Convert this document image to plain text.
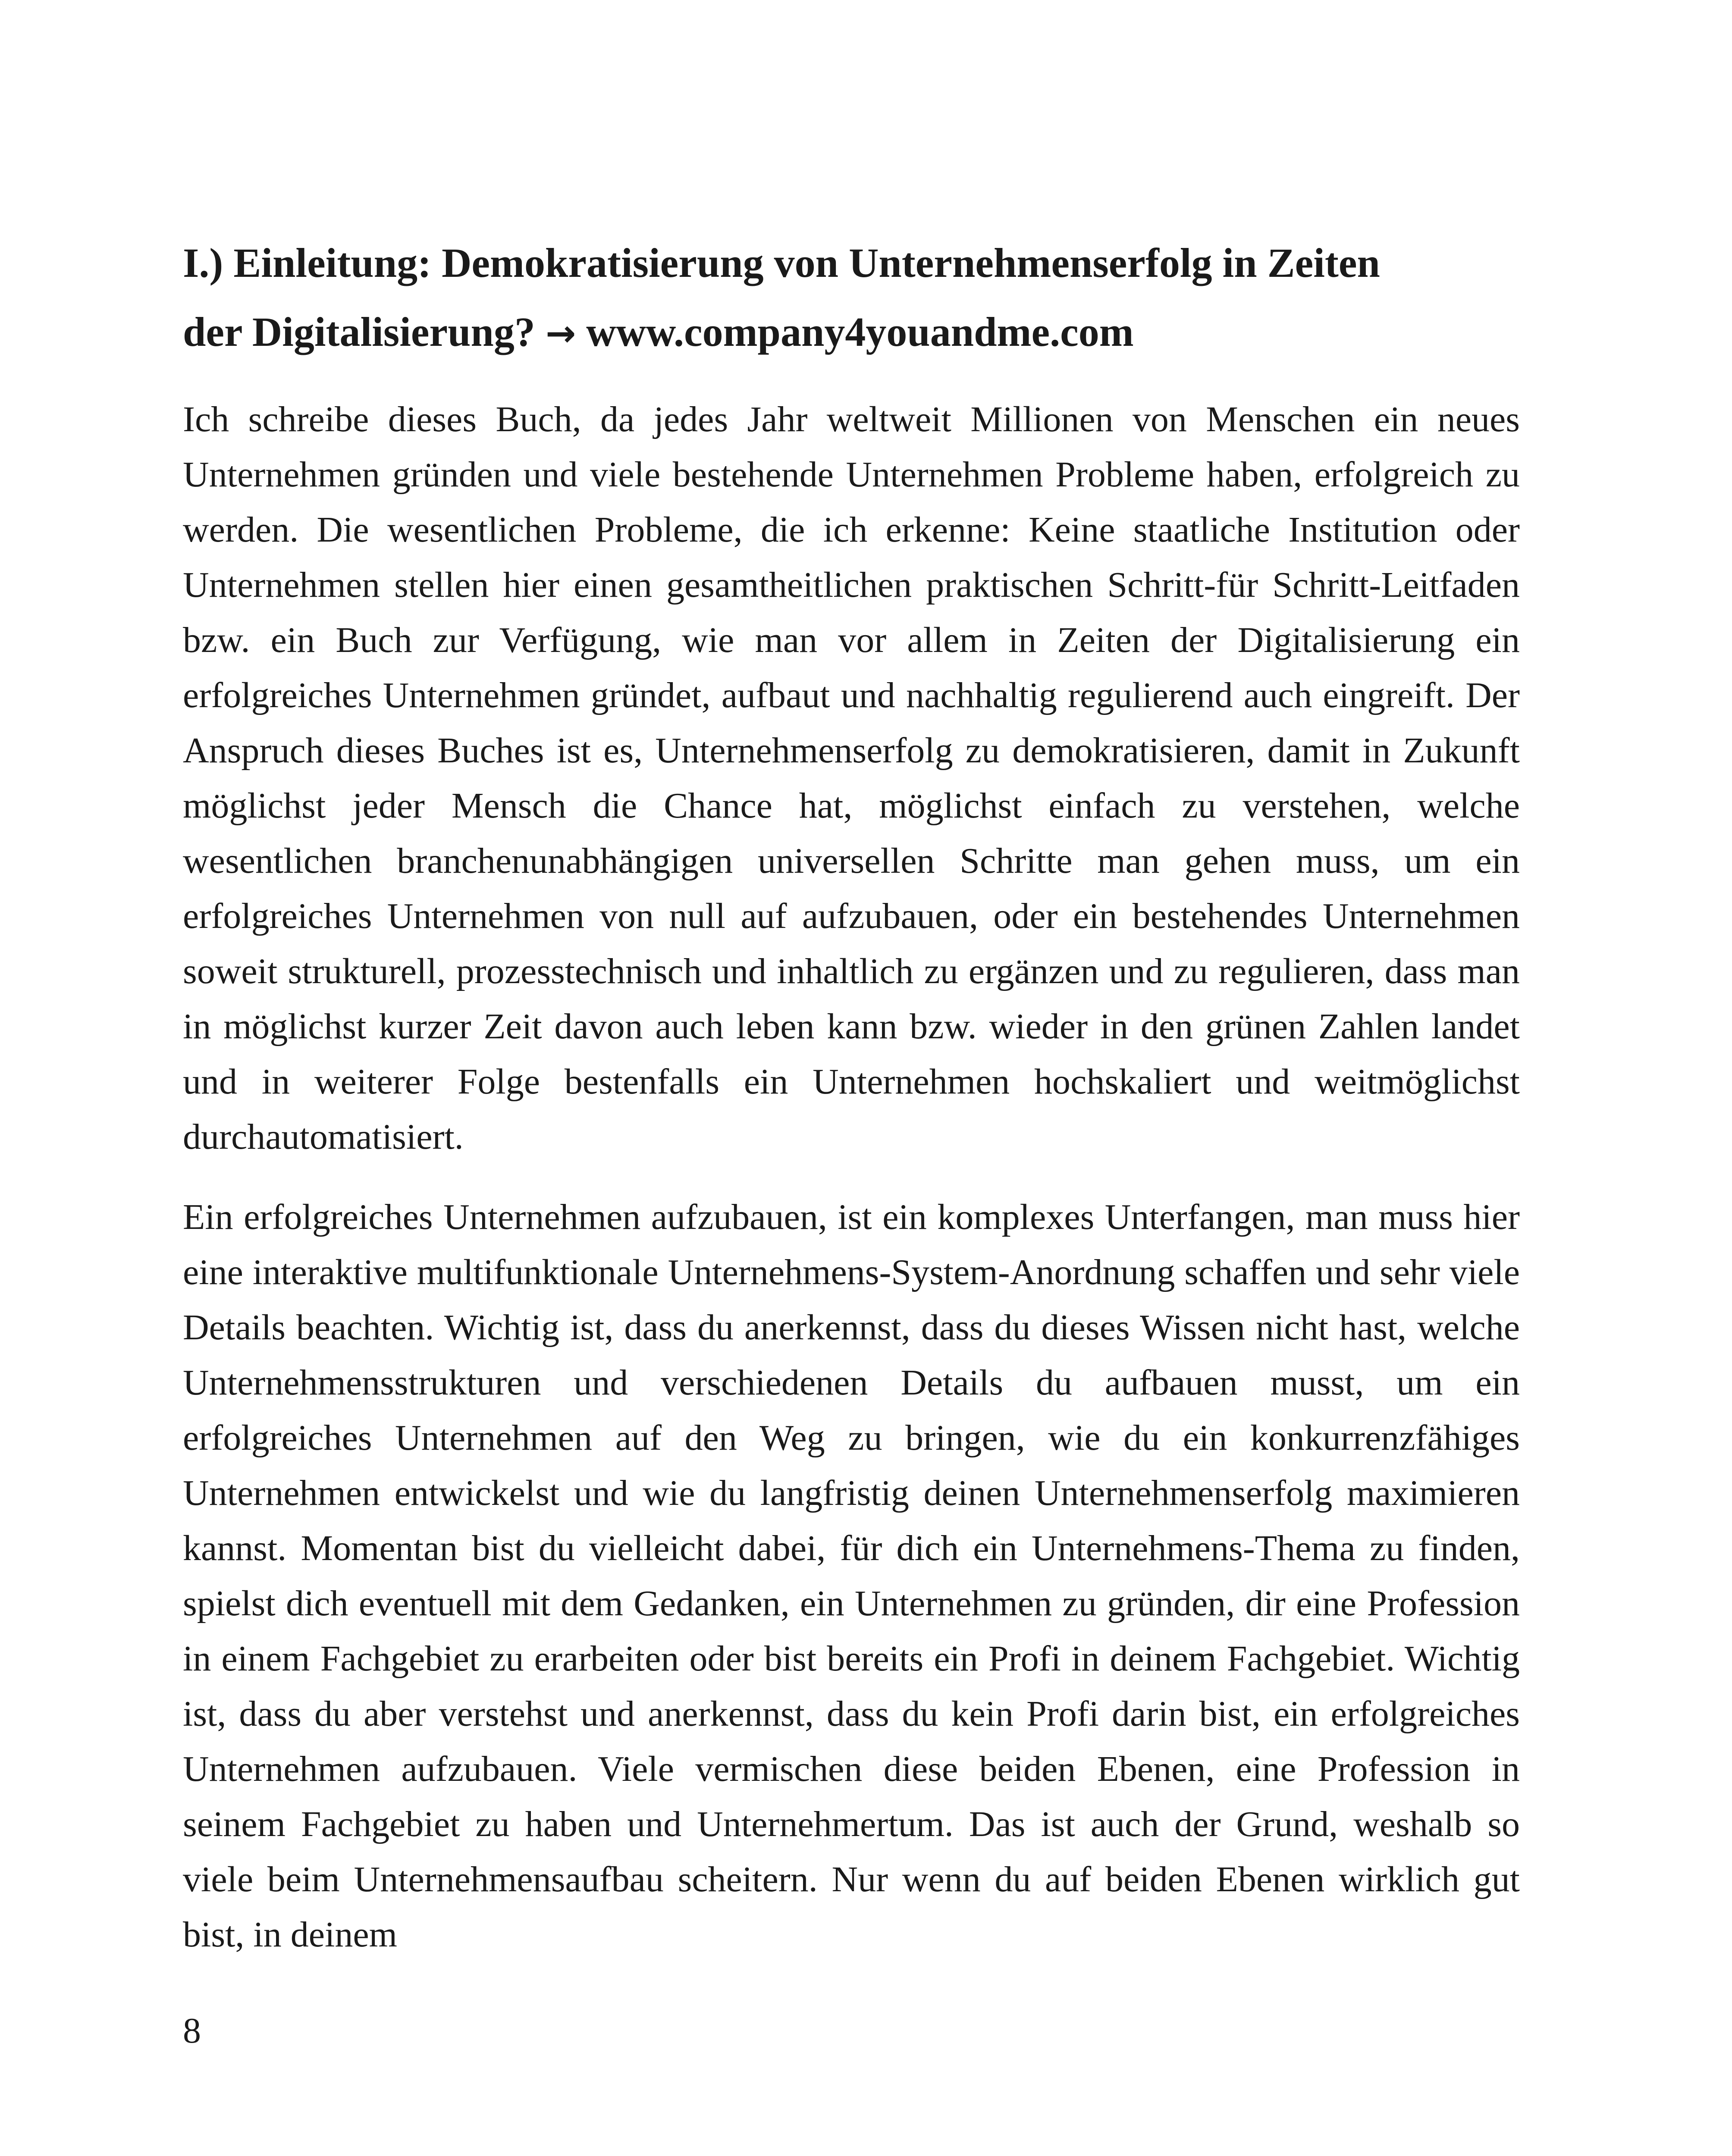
I.) Einleitung: Demokratisierung von Unternehmenserfolg in Zeiten
der Digitalisierung? → www.company4youandme.com

Ich schreibe dieses Buch, da jedes Jahr weltweit Millionen von Menschen ein neues Unternehmen gründen und viele bestehende Unternehmen Probleme haben, erfolgreich zu werden. Die wesentlichen Probleme, die ich erkenne: Keine staatliche Institution oder Unternehmen stellen hier einen gesamtheitlichen praktischen Schritt-für Schritt-Leitfaden bzw. ein Buch zur Verfügung, wie man vor allem in Zeiten der Digitalisierung ein erfolgreiches Unternehmen gründet, aufbaut und nachhaltig regulierend auch eingreift. Der Anspruch dieses Buches ist es, Unternehmenserfolg zu demokratisieren, damit in Zukunft möglichst jeder Mensch die Chance hat, möglichst einfach zu verstehen, welche wesentlichen branchenunabhängigen universellen Schritte man gehen muss, um ein erfolgreiches Unternehmen von null auf aufzubauen, oder ein bestehendes Unternehmen soweit strukturell, prozesstechnisch und inhaltlich zu ergänzen und zu regulieren, dass man in möglichst kurzer Zeit davon auch leben kann bzw. wieder in den grünen Zahlen landet und in weiterer Folge bestenfalls ein Unternehmen hochskaliert und weitmöglichst durchautomatisiert.

Ein erfolgreiches Unternehmen aufzubauen, ist ein komplexes Unterfangen, man muss hier eine interaktive multifunktionale Unternehmens-System-Anordnung schaffen und sehr viele Details beachten. Wichtig ist, dass du anerkennst, dass du dieses Wissen nicht hast, welche Unternehmensstrukturen und verschiedenen Details du aufbauen musst, um ein erfolgreiches Unternehmen auf den Weg zu bringen, wie du ein konkurrenzfähiges Unternehmen entwickelst und wie du langfristig deinen Unternehmenserfolg maximieren kannst. Momentan bist du vielleicht dabei, für dich ein Unternehmens-Thema zu finden, spielst dich eventuell mit dem Gedanken, ein Unternehmen zu gründen, dir eine Profession in einem Fachgebiet zu erarbeiten oder bist bereits ein Profi in deinem Fachgebiet. Wichtig ist, dass du aber verstehst und anerkennst, dass du kein Profi darin bist, ein erfolgreiches Unternehmen aufzubauen. Viele vermischen diese beiden Ebenen, eine Profession in seinem Fachgebiet zu haben und Unternehmertum. Das ist auch der Grund, weshalb so viele beim Unternehmensaufbau scheitern. Nur wenn du auf beiden Ebenen wirklich gut bist, in deinem

8
